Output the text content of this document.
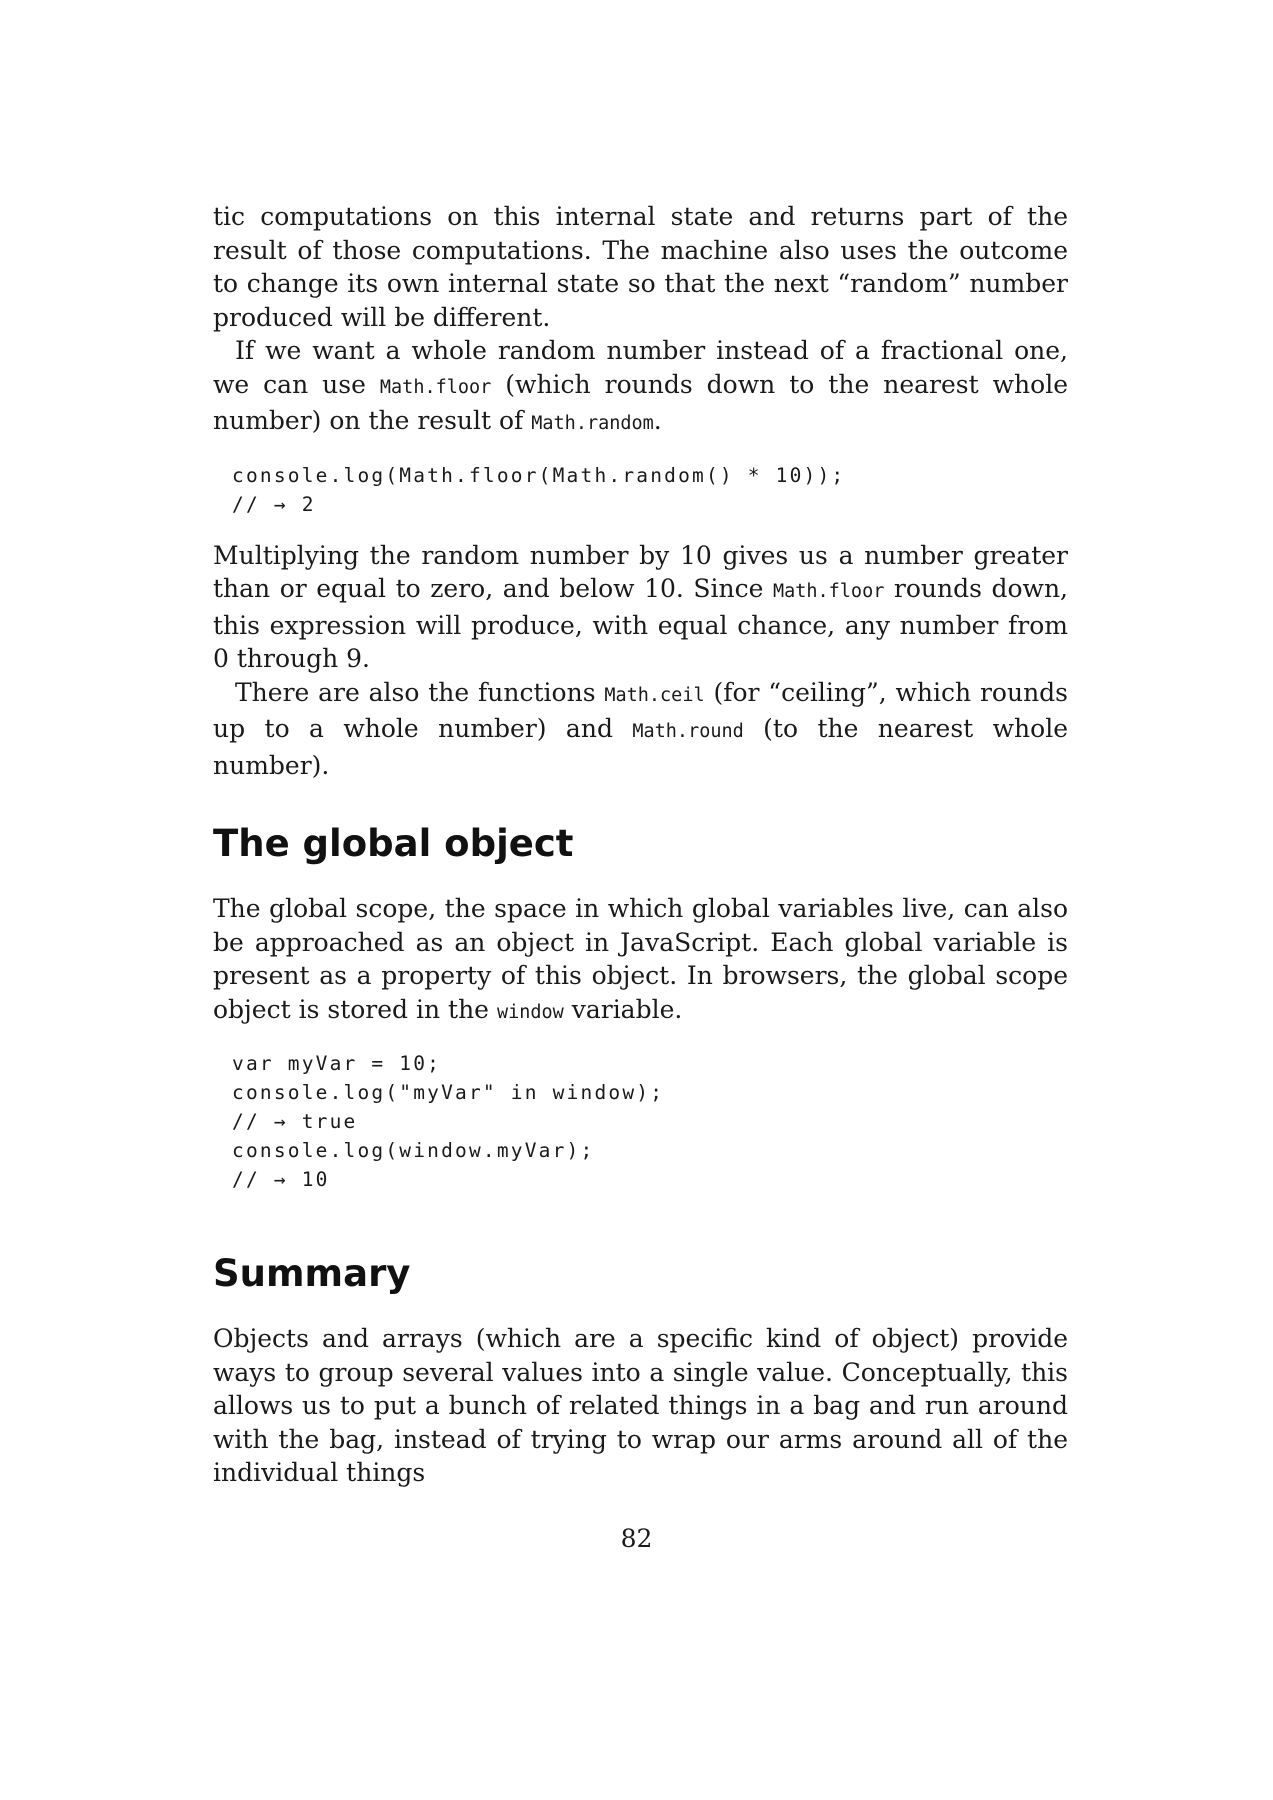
tic computations on this internal state and returns part of the result of those computations. The machine also uses the outcome to change its own internal state so that the next “random” number produced will be different.

If we want a whole random number instead of a fractional one, we can use Math.floor (which rounds down to the nearest whole number) on the result of Math.random.

console.log(Math.floor(Math.random() * 10));
// → 2

Multiplying the random number by 10 gives us a number greater than or equal to zero, and below 10. Since Math.floor rounds down, this expression will produce, with equal chance, any number from 0 through 9.

There are also the functions Math.ceil (for “ceiling”, which rounds up to a whole number) and Math.round (to the nearest whole number).

The global object

The global scope, the space in which global variables live, can also be approached as an object in JavaScript. Each global variable is present as a property of this object. In browsers, the global scope object is stored in the window variable.

var myVar = 10;
console.log("myVar" in window);
// → true
console.log(window.myVar);
// → 10
Summary

Objects and arrays (which are a specific kind of object) provide ways to group several values into a single value. Conceptually, this allows us to put a bunch of related things in a bag and run around with the bag, instead of trying to wrap our arms around all of the individual things

82
